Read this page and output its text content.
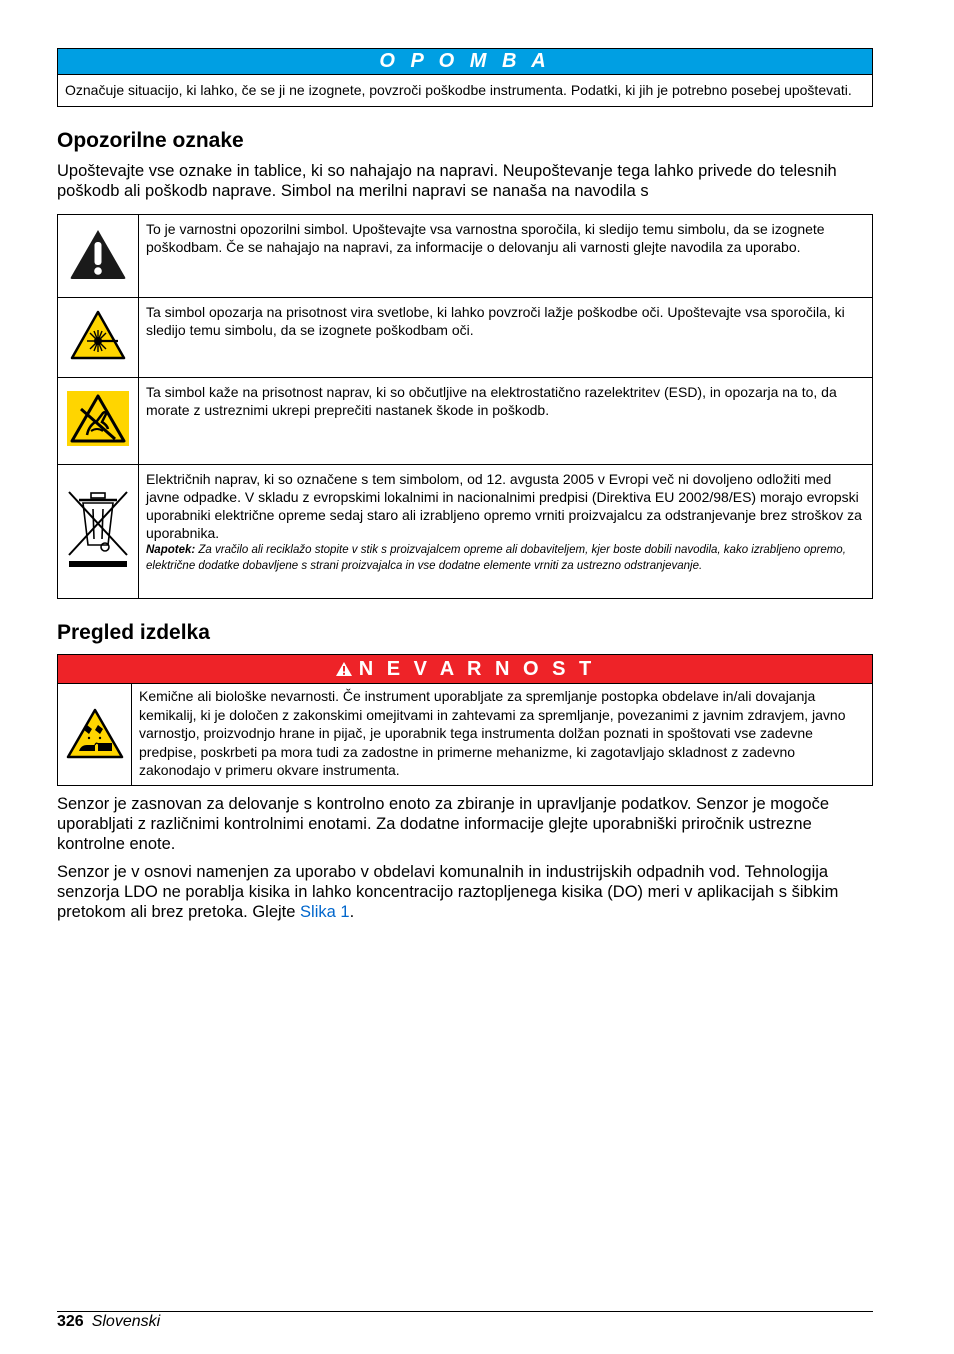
O P O M B A
Označuje situacijo, ki lahko, če se ji ne izognete, povzroči poškodbe instrumenta. Podatki, ki jih je potrebno posebej upoštevati.
Opozorilne oznake

Upoštevajte vse oznake in tablice, ki so nahajajo na napravi. Neupoštevanje tega lahko privede do telesnih poškodb ali poškodb naprave. Simbol na merilni napravi se nanaša na navodila s

	To je varnostni opozorilni simbol. Upoštevajte vsa varnostna sporočila, ki sledijo temu simbolu, da se izognete poškodbam. Če se nahajajo na napravi, za informacije o delovanju ali varnosti glejte navodila za uporabo.
	Ta simbol opozarja na prisotnost vira svetlobe, ki lahko povzroči lažje poškodbe oči. Upoštevajte vsa sporočila, ki sledijo temu simbolu, da se izognete poškodbam oči.
	Ta simbol kaže na prisotnost naprav, ki so občutljive na elektrostatično razelektritev (ESD), in opozarja na to, da morate z ustreznimi ukrepi preprečiti nastanek škode in poškodb.
	Električnih naprav, ki so označene s tem simbolom, od 12. avgusta 2005 v Evropi več ni dovoljeno odložiti med javne odpadke. V skladu z evropskimi lokalnimi in nacionalnimi predpisi (Direktiva EU 2002/98/ES) morajo evropski uporabniki električne opreme sedaj staro ali izrabljeno opremo vrniti proizvajalcu za odstranjevanje brez stroškov za uporabnika.
Napotek: Za vračilo ali reciklažo stopite v stik s proizvajalcem opreme ali dobaviteljem, kjer boste dobili navodila, kako izrabljeno opremo, električne dodatke dobavljene s strani proizvajalca in vse dodatne elemente vrniti za ustrezno odstranjevanje.
Pregled izdelka
N E V A R N O S T
Kemične ali biološke nevarnosti. Če instrument uporabljate za spremljanje postopka obdelave in/ali dovajanja kemikalij, ki je določen z zakonskimi omejitvami in zahtevami za spremljanje, povezanimi z javnim zdravjem, javno varnostjo, proizvodnjo hrane in pijač, je uporabnik tega instrumenta dolžan poznati in spoštovati vse zadevne predpise, poskrbeti pa mora tudi za zadostne in primerne mehanizme, ki zagotavljajo skladnost z zadevno zakonodajo v primeru okvare instrumenta.

Senzor je zasnovan za delovanje s kontrolno enoto za zbiranje in upravljanje podatkov. Senzor je mogoče uporabljati z različnimi kontrolnimi enotami. Za dodatne informacije glejte uporabniški priročnik ustrezne kontrolne enote.

Senzor je v osnovi namenjen za uporabo v obdelavi komunalnih in industrijskih odpadnih vod. Tehnologija senzorja LDO ne porablja kisika in lahko koncentracijo raztopljenega kisika (DO) meri v aplikacijah s šibkim pretokom ali brez pretoka. Glejte Slika 1.

326 Slovenski
